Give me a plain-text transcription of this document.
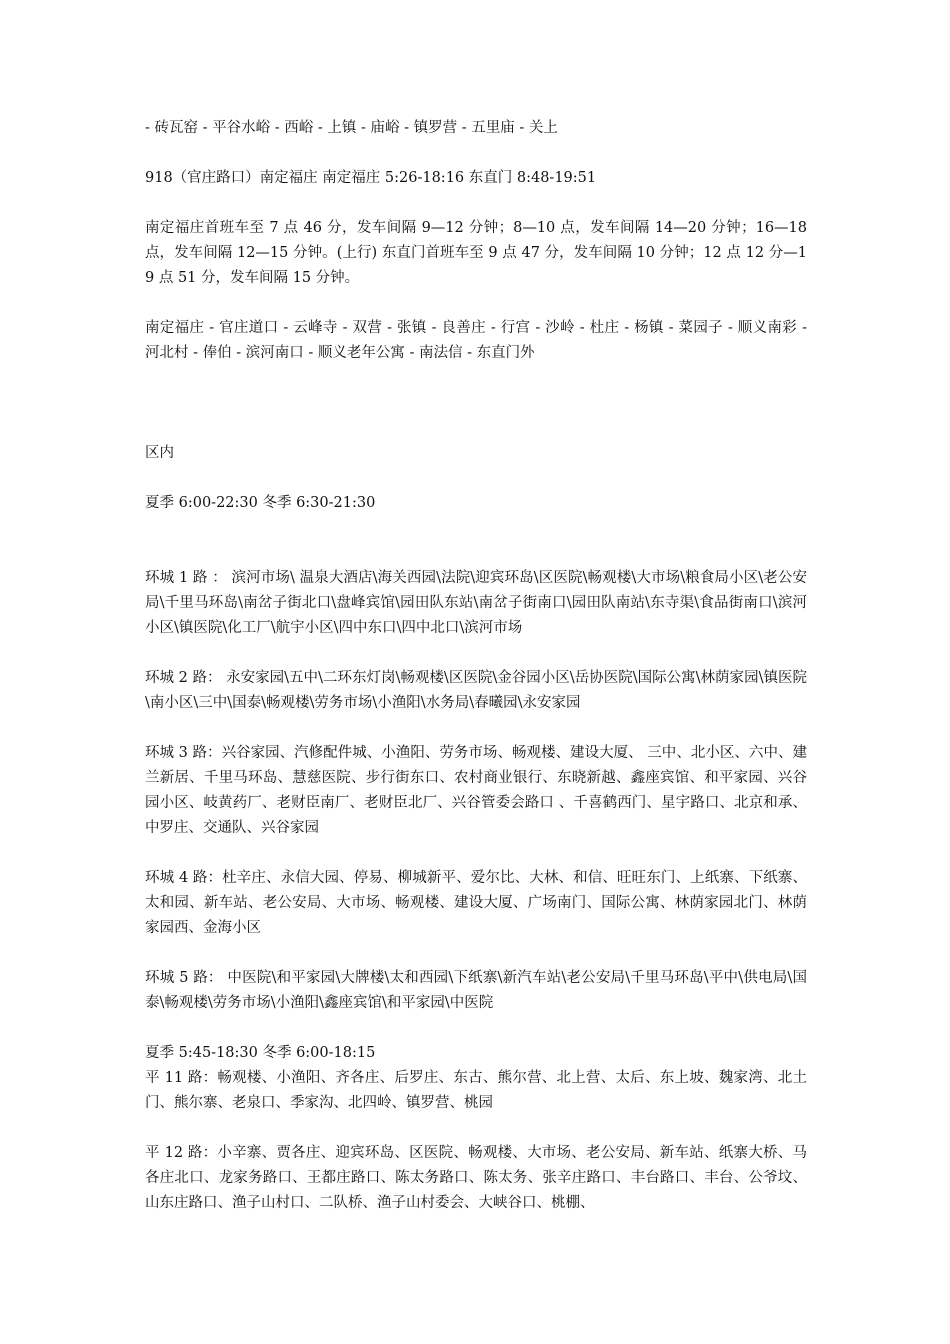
- 砖瓦窑 - 平谷水峪 - 西峪 - 上镇 - 庙峪 - 镇罗营 - 五里庙 - 关上

918（官庄路口）南定福庄 南定福庄 5:26-18:16 东直门 8:48-19:51

南定福庄首班车至 7 点 46 分，发车间隔 9—12 分钟；8—10 点，发车间隔 14—20 分钟；16—18 点，发车间隔 12—15 分钟。(上行) 东直门首班车至 9 点 47 分，发车间隔 10 分钟；12 点 12 分—19 点 51 分，发车间隔 15 分钟。

南定福庄 - 官庄道口 - 云峰寺 - 双营 - 张镇 - 良善庄 - 行宫 - 沙岭 - 杜庄 - 杨镇 - 菜园子 - 顺义南彩 - 河北村 - 俸伯 - 滨河南口 - 顺义老年公寓 - 南法信 - 东直门外

区内

夏季 6:00-22:30 冬季 6:30-21:30

环城 1 路 ： 滨河市场\ 温泉大酒店\海关西园\法院\迎宾环岛\区医院\畅观楼\大市场\粮食局小区\老公安局\千里马环岛\南岔子街北口\盘峰宾馆\园田队东站\南岔子街南口\园田队南站\东寺渠\食品街南口\滨河小区\镇医院\化工厂\航宇小区\四中东口\四中北口\滨河市场

环城 2 路： 永安家园\五中\二环东灯岗\畅观楼\区医院\金谷园小区\岳协医院\国际公寓\林荫家园\镇医院\南小区\三中\国泰\畅观楼\劳务市场\小渔阳\水务局\春曦园\永安家园

环城 3 路：兴谷家园、汽修配件城、小渔阳、劳务市场、畅观楼、建设大厦、 三中、北小区、六中、建兰新居、千里马环岛、慧慈医院、步行街东口、农村商业银行、东晓新越、鑫座宾馆、和平家园、兴谷园小区、岐黄药厂、老财臣南厂、老财臣北厂、兴谷管委会路口 、千喜鹤西门、星宇路口、北京和承、中罗庄、交通队、兴谷家园

环城 4 路：杜辛庄、永信大园、停易、柳城新平、爱尔比、大林、和信、旺旺东门、上纸寨、下纸寨、太和园、新车站、老公安局、大市场、畅观楼、建设大厦、广场南门、国际公寓、林荫家园北门、林荫家园西、金海小区

环城 5 路： 中医院\和平家园\大牌楼\太和西园\下纸寨\新汽车站\老公安局\千里马环岛\平中\供电局\国泰\畅观楼\劳务市场\小渔阳\鑫座宾馆\和平家园\中医院

夏季 5:45-18:30 冬季 6:00-18:15

平 11 路：畅观楼、小渔阳、齐各庄、后罗庄、东古、熊尔营、北上营、太后、东上坡、魏家湾、北土门、熊尔寨、老泉口、季家沟、北四岭、镇罗营、桃园

平 12 路：小辛寨、贾各庄、迎宾环岛、区医院、畅观楼、大市场、老公安局、新车站、纸寨大桥、马各庄北口、龙家务路口、王都庄路口、陈太务路口、陈太务、张辛庄路口、丰台路口、丰台、公爷坟、山东庄路口、渔子山村口、二队桥、渔子山村委会、大峡谷口、桃棚、
